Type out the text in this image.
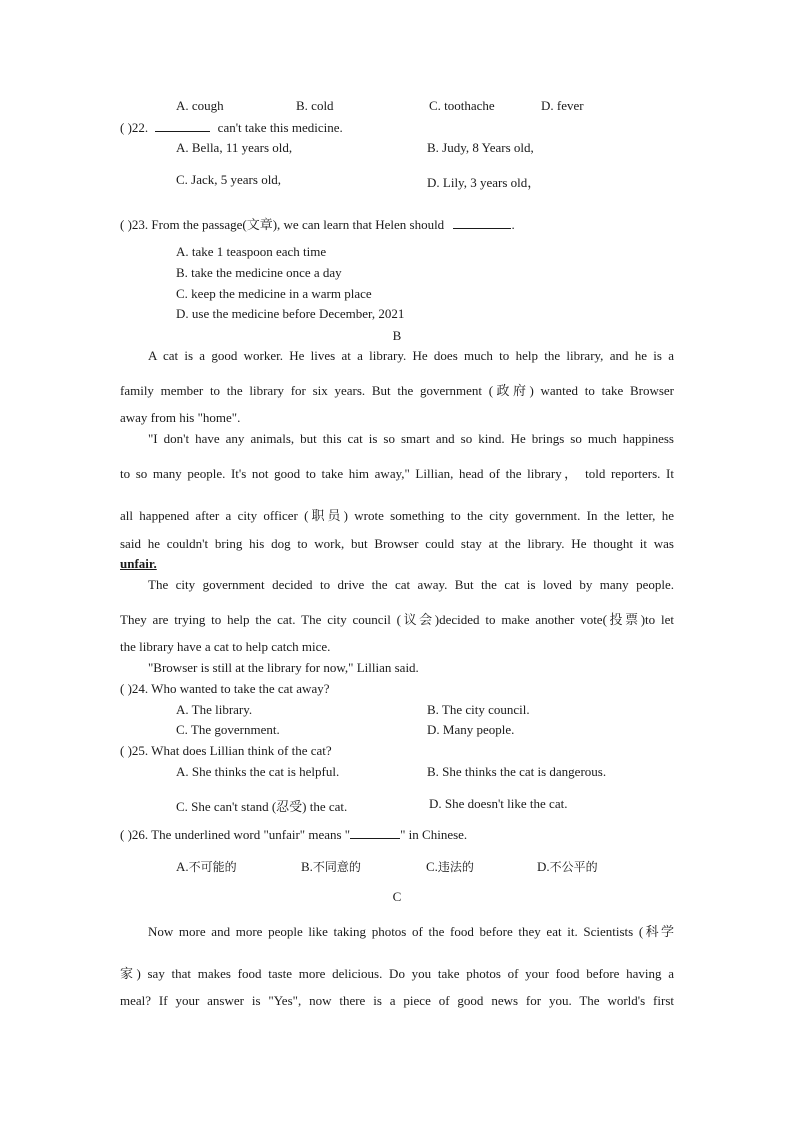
A. cough	B. cold	C. toothache	D. fever
( )22.	can't take this medicine.
A. Bella, 11 years old,	B. Judy, 8 Years old,
C. Jack, 5 years old,	D. Lily, 3 years old，
( )23. From the passage(文章), we can learn that Helen should	.
A. take 1 teaspoon each time
B. take the medicine once a day
C. keep the medicine in a warm place
D. use the medicine before December, 2021
B
A cat is a good worker. He lives at a library. He does much to help the library, and he is a
family member to the library for six years. But the government (政府) wanted to take Browser
away from his "home".
"I don't have any animals, but this cat is so smart and so kind. He brings so much happiness
to so many people. It's not good to take him away," Lillian, head of the library， told reporters. It
all happened after a city officer (职员) wrote something to the city government. In the letter, he
said he couldn't bring his dog to work, but Browser could stay at the library. He thought it was
unfair.
The city government decided to drive the cat away. But the cat is loved by many people.
They are trying to help the cat. The city council (议会)decided to make another vote(投票)to let
the library have a cat to help catch mice.
"Browser is still at the library for now," Lillian said.
( )24. Who wanted to take the cat away?
A. The library.	B. The city council.
C. The government.	D. Many people.
( )25. What does Lillian think of the cat?
A. She thinks the cat is helpful.	B. She thinks the cat is dangerous.
C. She can't stand (忍受) the cat.	D. She doesn't like the cat.
( )26. The underlined word "unfair" means "	" in Chinese.
A.不可能的	B.不同意的	C.违法的	D.不公平的
C
Now more and more people like taking photos of the food before they eat it. Scientists (科学
家) say that makes food taste more delicious. Do you take photos of your food before having a
meal? If your answer is "Yes", now there is a piece of good news for you. The world's first
